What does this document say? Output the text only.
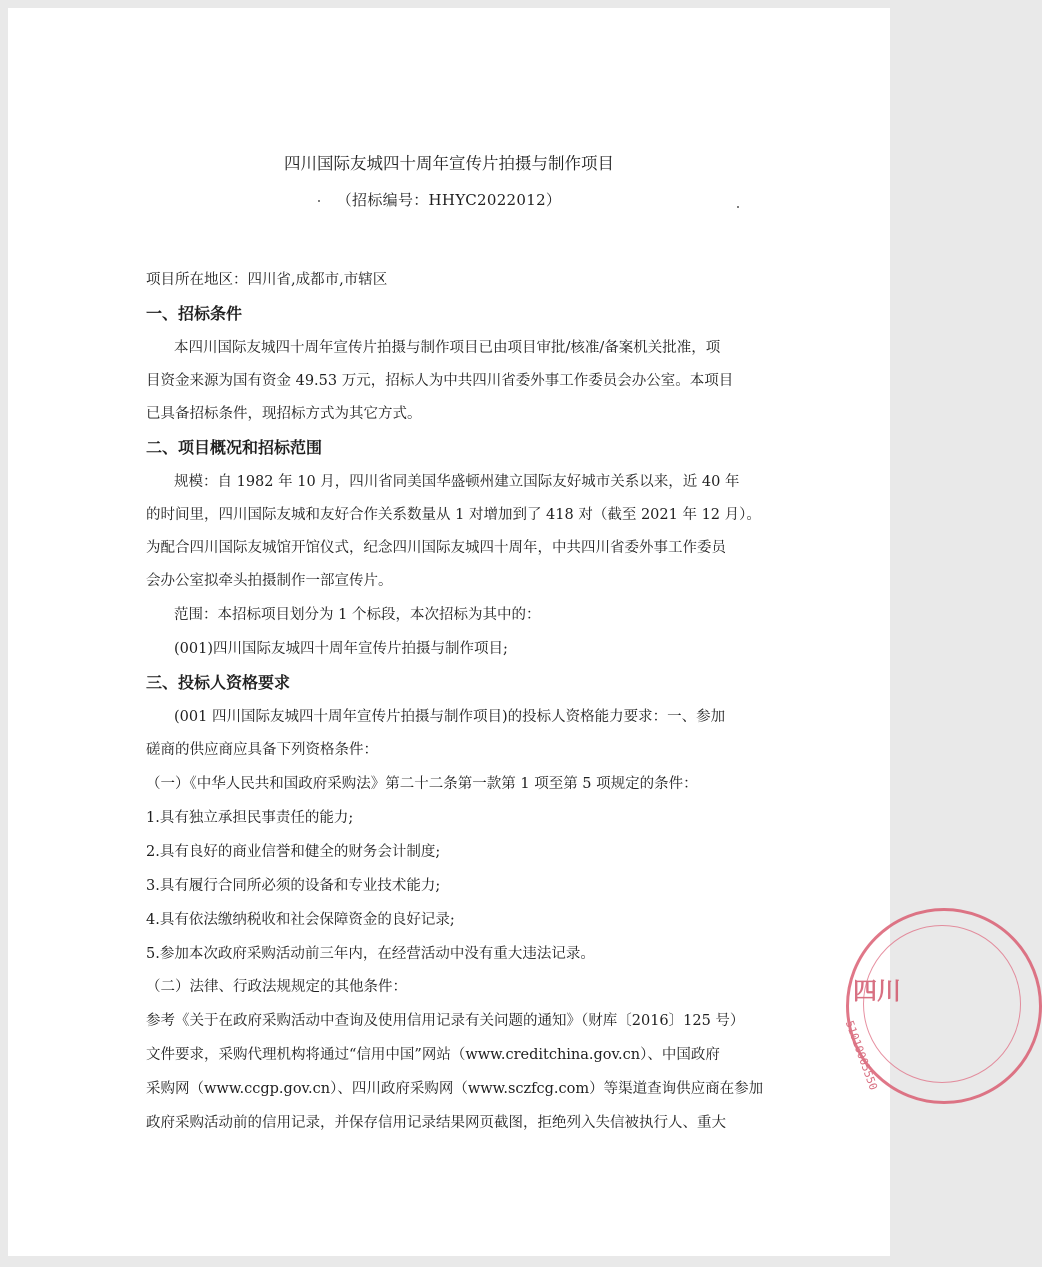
四川国际友城四十周年宣传片拍摄与制作项目
（招标编号：HHYC2022012）
项目所在地区：四川省,成都市,市辖区
一、招标条件
本四川国际友城四十周年宣传片拍摄与制作项目已由项目审批/核准/备案机关批准，项
目资金来源为国有资金 49.53 万元，招标人为中共四川省委外事工作委员会办公室。本项目
已具备招标条件，现招标方式为其它方式。
二、项目概况和招标范围
规模：自 1982 年 10 月，四川省同美国华盛顿州建立国际友好城市关系以来，近 40 年
的时间里，四川国际友城和友好合作关系数量从 1 对增加到了 418 对（截至 2021 年 12 月）。
为配合四川国际友城馆开馆仪式，纪念四川国际友城四十周年，中共四川省委外事工作委员
会办公室拟牵头拍摄制作一部宣传片。
范围：本招标项目划分为 1 个标段，本次招标为其中的：
(001)四川国际友城四十周年宣传片拍摄与制作项目;
三、投标人资格要求
(001 四川国际友城四十周年宣传片拍摄与制作项目)的投标人资格能力要求：一、参加
磋商的供应商应具备下列资格条件：
（一）《中华人民共和国政府采购法》第二十二条第一款第 1 项至第 5 项规定的条件：
1.具有独立承担民事责任的能力;
2.具有良好的商业信誉和健全的财务会计制度;
3.具有履行合同所必须的设备和专业技术能力;
4.具有依法缴纳税收和社会保障资金的良好记录;
5.参加本次政府采购活动前三年内，在经营活动中没有重大违法记录。
（二）法律、行政法规规定的其他条件：
参考《关于在政府采购活动中查询及使用信用记录有关问题的通知》（财库〔2016〕125 号）
文件要求，采购代理机构将通过“信用中国”网站（www.creditchina.gov.cn）、中国政府
采购网（www.ccgp.gov.cn）、四川政府采购网（www.sczfcg.com）等渠道查询供应商在参加
政府采购活动前的信用记录，并保存信用记录结果网页截图，拒绝列入失信被执行人、重大
四川
51010005550
